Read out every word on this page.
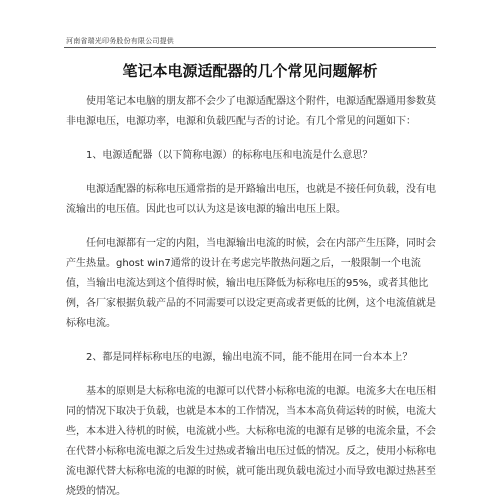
河南省瑞光印务股份有限公司提供
笔记本电源适配器的几个常见问题解析

使用笔记本电脑的朋友都不会少了电源适配器这个附件，电源适配器通用参数莫非电源电压，电源功率，电源和负载匹配与否的讨论。有几个常见的问题如下：

1、电源适配器（以下简称电源）的标称电压和电流是什么意思？

电源适配器的标称电压通常指的是开路输出电压，也就是不接任何负载，没有电流输出的电压值。因此也可以认为这是该电源的输出电压上限。

任何电源都有一定的内阻，当电源输出电流的时候，会在内部产生压降，同时会产生热量。ghost win7通常的设计在考虑完毕散热问题之后，一般限制一个电流值，当输出电流达到这个值得时候，输出电压降低为标称电压的95%，或者其他比例，各厂家根据负载产品的不同需要可以设定更高或者更低的比例，这个电流值就是标称电流。

2、都是同样标称电压的电源，输出电流不同，能不能用在同一台本本上？

基本的原则是大标称电流的电源可以代替小标称电流的电源。电流多大在电压相同的情况下取决于负载，也就是本本的工作情况，当本本高负荷运转的时候，电流大些，本本进入待机的时候，电流就小些。大标称电流的电源有足够的电流余量，不会在代替小标称电流电源之后发生过热或者输出电压过低的情况。反之，使用小标称电流电源代替大标称电流的电源的时候，就可能出现负载电流过小而导致电源过热甚至烧毁的情况。
